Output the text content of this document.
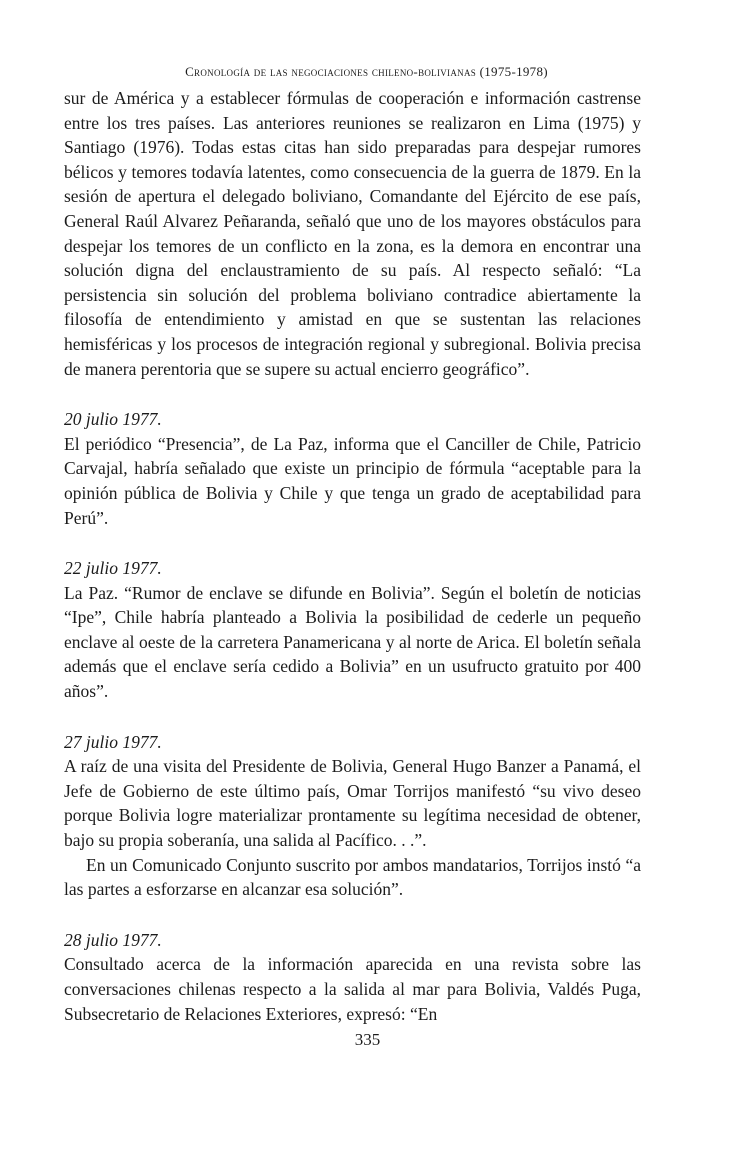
Cronología de las negociaciones chileno-bolivianas (1975-1978)

sur de América y a establecer fórmulas de cooperación e información castrense entre los tres países. Las anteriores reuniones se realizaron en Lima (1975) y Santiago (1976). Todas estas citas han sido preparadas para despejar rumores bélicos y temores todavía latentes, como consecuencia de la guerra de 1879. En la sesión de apertura el delegado boliviano, Comandante del Ejército de ese país, General Raúl Alvarez Peñaranda, señaló que uno de los mayores obstáculos para despejar los temores de un conflicto en la zona, es la demora en encontrar una solución digna del enclaustramiento de su país. Al respecto señaló: “La persistencia sin solución del problema boliviano contradice abiertamente la filosofía de entendimiento y amistad en que se sustentan las relaciones hemisféricas y los procesos de integración regional y subregional. Bolivia precisa de manera perentoria que se supere su actual encierro geográfico”.

20 julio 1977.

El periódico “Presencia”, de La Paz, informa que el Canciller de Chile, Patricio Carvajal, habría señalado que existe un principio de fórmula “aceptable para la opinión pública de Bolivia y Chile y que tenga un grado de aceptabilidad para Perú”.

22 julio 1977.

La Paz. “Rumor de enclave se difunde en Bolivia”. Según el boletín de noticias “Ipe”, Chile habría planteado a Bolivia la posibilidad de cederle un pequeño enclave al oeste de la carretera Panamericana y al norte de Arica. El boletín señala además que el enclave sería cedido a Bolivia” en un usufructo gratuito por 400 años”.

27 julio 1977.

A raíz de una visita del Presidente de Bolivia, General Hugo Banzer a Panamá, el Jefe de Gobierno de este último país, Omar Torrijos manifestó “su vivo deseo porque Bolivia logre materializar prontamente su legítima necesidad de obtener, bajo su propia soberanía, una salida al Pacífico. . .”.

En un Comunicado Conjunto suscrito por ambos mandatarios, Torrijos instó “a las partes a esforzarse en alcanzar esa solución”.

28 julio 1977.

Consultado acerca de la información aparecida en una revista sobre las conversaciones chilenas respecto a la salida al mar para Bolivia, Valdés Puga, Subsecretario de Relaciones Exteriores, expresó: “En

335
